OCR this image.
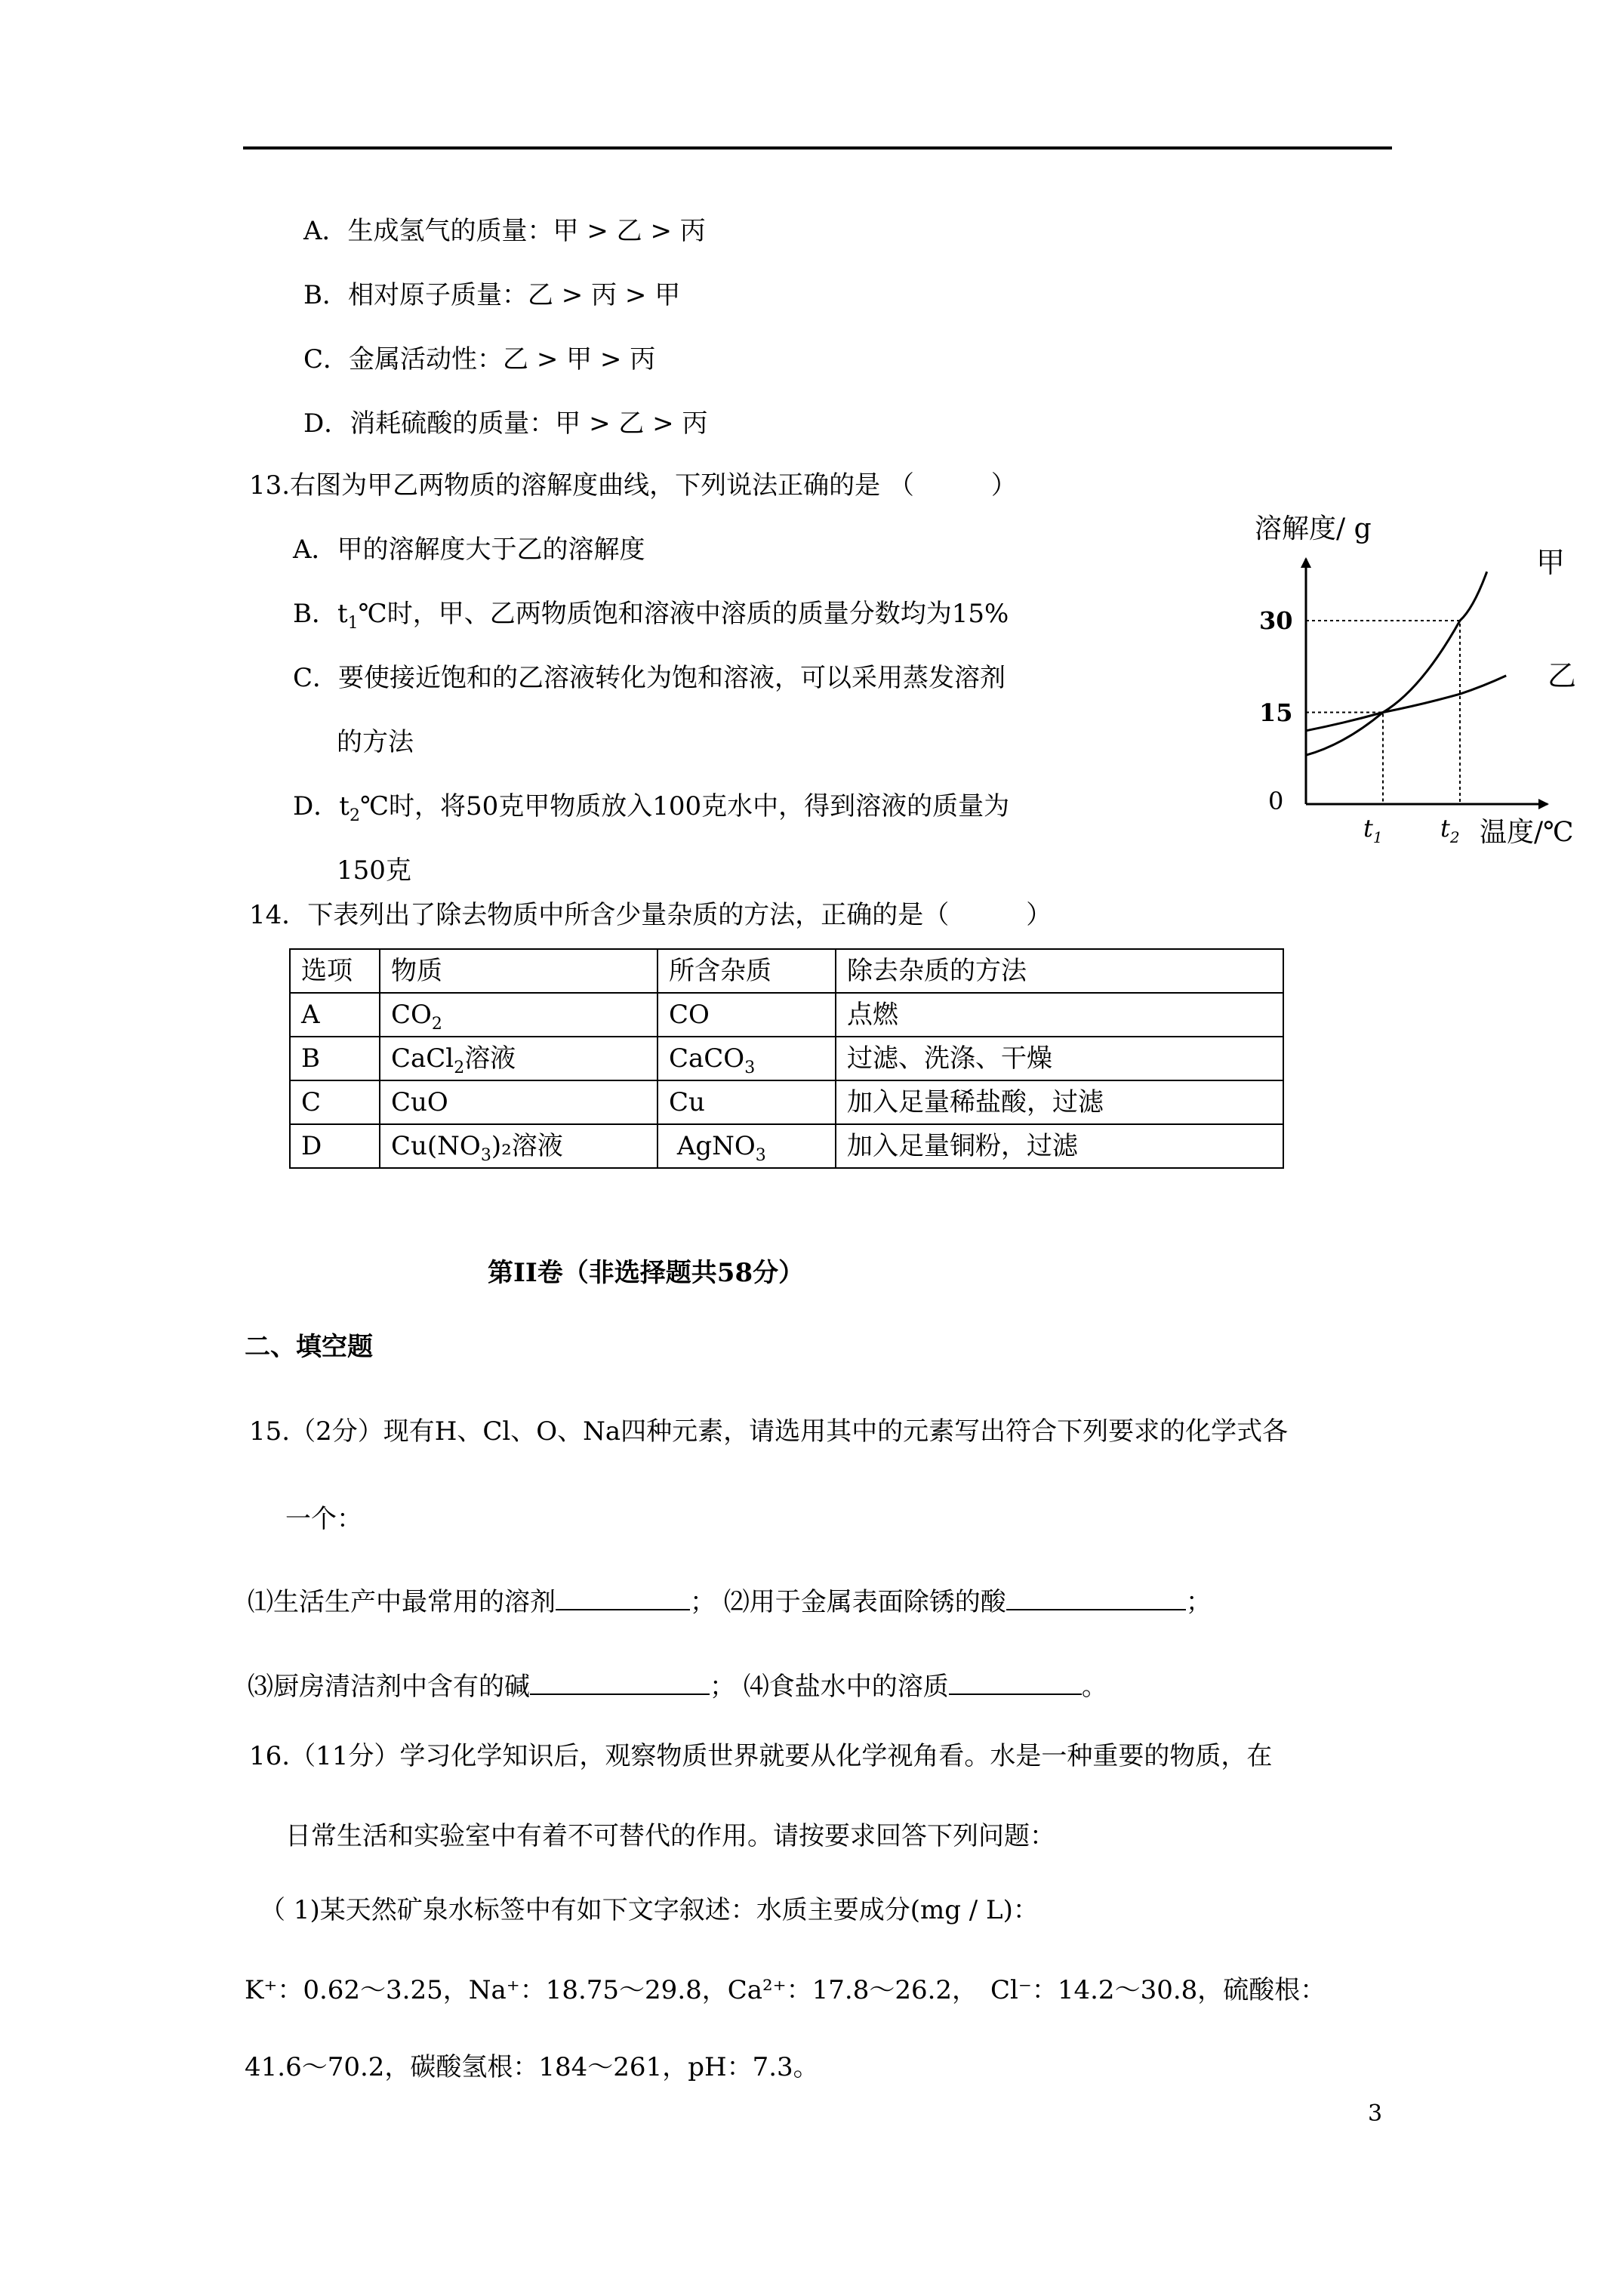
A．生成氢气的质量：甲 > 乙 > 丙
B．相对原子质量：乙 > 丙 > 甲
C．金属活动性：乙 > 甲 > 丙
D．消耗硫酸的质量：甲 > 乙 > 丙
13.右图为甲乙两物质的溶解度曲线，下列说法正确的是 （　　　）
A．甲的溶解度大于乙的溶解度
B．$t_1℃$时，甲、乙两物质饱和溶液中溶质的质量分数均为15%
C．要使接近饱和的乙溶液转化为饱和溶液，可以采用蒸发溶剂
的方法
D．$t_2℃$时，将50克甲物质放入100克水中，得到溶液的质量为
150克
溶解度/ g
温度/℃
0
30
15
$t_1$ $t_2$
甲
乙
14．下表列出了除去物质中所含少量杂质的方法，正确的是（　　　）
选项	物质	所含杂质	除去杂质的方法
A	$CO_2$	CO	点燃
B	CaCl$_2$溶液	CaCO$_3$	过滤、洗涤、干燥
C	CuO	Cu	加入足量稀盐酸，过滤
D	$Cu(NO_3)_2$溶液	AgNO$_3$	加入足量铜粉，过滤
第II卷（非选择题共58分）
二、填空题
15.（2分）现有H、Cl、O、Na四种元素，请选用其中的元素写出符合下列要求的化学式各
一个：
⑴生活生产中最常用的溶剂	； ⑵用于金属表面除锈的酸	；
⑶厨房清洁剂中含有的碱	； ⑷食盐水中的溶质	。
16.（11分）学习化学知识后，观察物质世界就要从化学视角看。水是一种重要的物质，在
日常生活和实验室中有着不可替代的作用。请按要求回答下列问题：
（ 1)某天然矿泉水标签中有如下文字叙述：水质主要成分(mg / L)：
K⁺：0.62～3.25，Na⁺：18.75～29.8，Ca²⁺：17.8～26.2，　Cl⁻：14.2～30.8，硫酸根：
41.6～70.2，碳酸氢根：184～261，pH：7.3。
3
